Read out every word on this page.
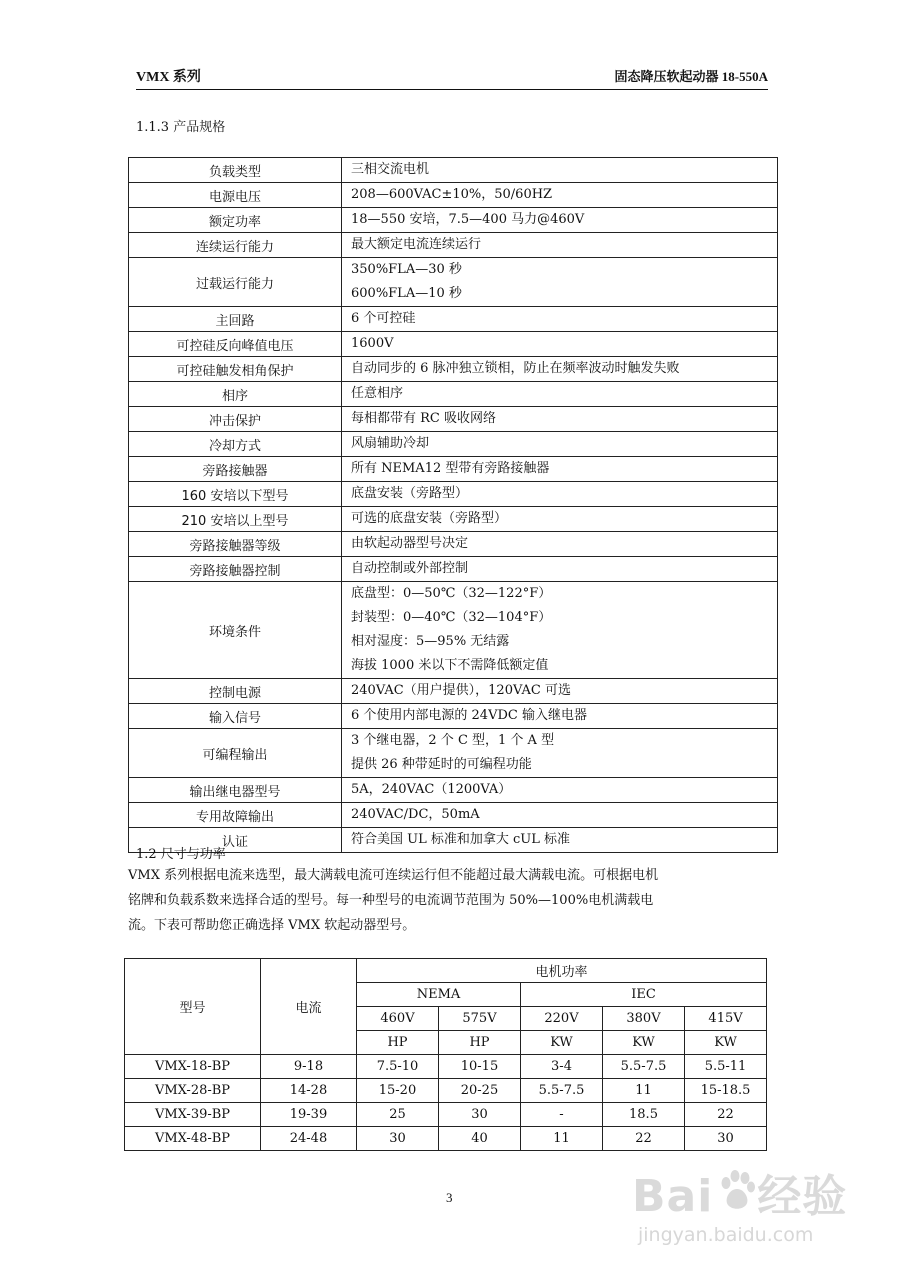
VMX 系列	固态降压软起动器 18-550A
1.1.3 产品规格
负载类型	三相交流电机

电源电压	208—600VAC±10%，50/60HZ

额定功率	18—550 安培，7.5—400 马力@460V

连续运行能力	最大额定电流连续运行

过载运行能力	350%FLA—30 秒
600%FLA—10 秒

主回路	6 个可控硅

可控硅反向峰值电压	1600V

可控硅触发相角保护	自动同步的 6 脉冲独立锁相，防止在频率波动时触发失败

相序	任意相序

冲击保护	每相都带有 RC 吸收网络

冷却方式	风扇辅助冷却

旁路接触器	所有 NEMA12 型带有旁路接触器

160 安培以下型号	底盘安装（旁路型）

210 安培以上型号	可选的底盘安装（旁路型）

旁路接触器等级	由软起动器型号决定

旁路接触器控制	自动控制或外部控制

环境条件	底盘型：0—50℃（32—122°F）
封装型：0—40℃（32—104°F）
相对湿度：5—95% 无结露
海拔 1000 米以下不需降低额定值

控制电源	240VAC（用户提供），120VAC 可选

输入信号	6 个使用内部电源的 24VDC 输入继电器

可编程输出	3 个继电器，2 个 C 型，1 个 A 型
提供 26 种带延时的可编程功能

输出继电器型号	5A，240VAC（1200VA）

专用故障输出	240VAC/DC，50mA

认证	符合美国 UL 标准和加拿大 cUL 标准
1.2 尺寸与功率
VMX 系列根据电流来选型，最大满载电流可连续运行但不能超过最大满载电流。可根据电机
铭牌和负载系数来选择合适的型号。每一种型号的电流调节范围为 50%—100%电机满载电
流。下表可帮助您正确选择 VMX 软起动器型号。
型号	电流	电机功率				
		NEMA		IEC		
		460V	575V	220V	380V	415V
		HP	HP	KW	KW	KW
VMX-18-BP	9-18	7.5-10	10-15	3-4	5.5-7.5	5.5-11
VMX-28-BP	14-28	15-20	20-25	5.5-7.5	11	15-18.5
VMX-39-BP	19-39	25	30	-	18.5	22
VMX-48-BP	24-48	30	40	11	22	30
3	Bai 经验
jingyan.baidu.com
